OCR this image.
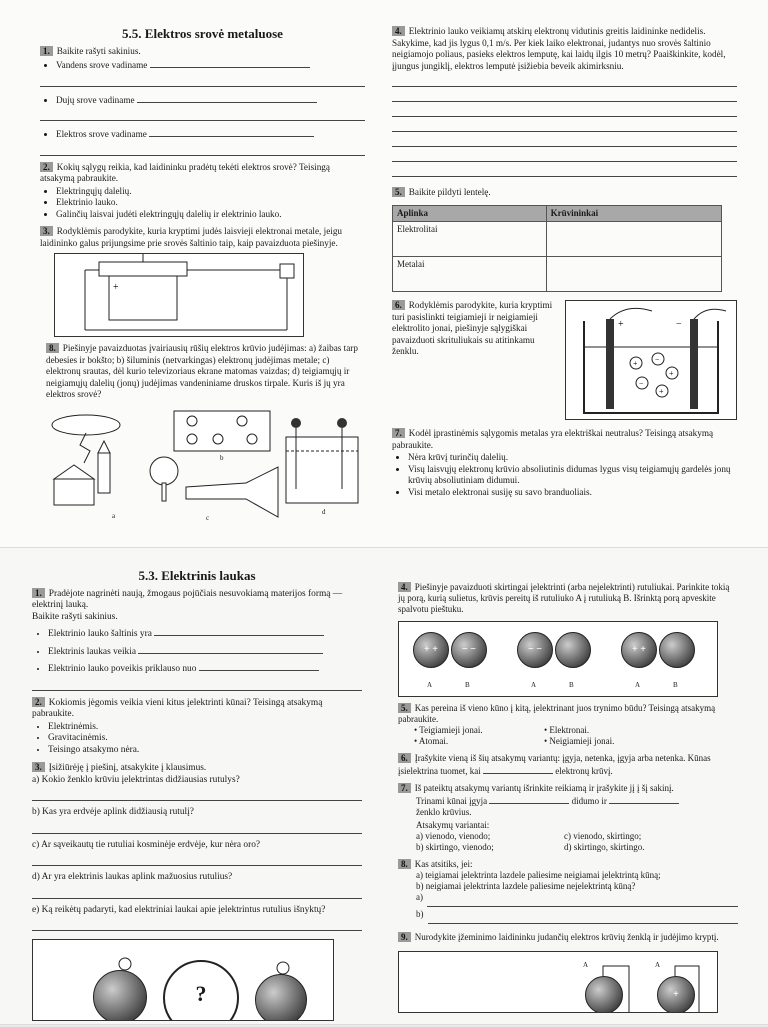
5.5. Elektros srovė metaluose
1. Baikite rašyti sakinius.
• Vandens srove vadiname
• Dujų srove vadiname
• Elektros srove vadiname
2. Kokių sąlygų reikia, kad laidininku pradėtų tekėti elektros srovė? Teisingą atsakymą pabraukite.
• Elektringųjų dalelių.
• Elektrinio lauko.
• Galinčių laisvai judėti elektringųjų dalelių ir elektrinio lauko.
3. Rodyklėmis parodykite, kuria kryptimi judės laisvieji elektronai metale, jeigu laidininko galus prijungsime prie srovės šaltinio taip, kaip pavaizduota piešinyje.
+
8. Piešinyje pavaizduotas įvairiausių rūšių elektros krūvio judėjimas: a) žaibas tarp debesies ir bokšto; b) šiluminis (netvarkingas) elektronų judėjimas metale; c) elektronų srautas, dėl kurio televizoriaus ekrane matomas vaizdas; d) teigiamųjų ir neigiamųjų dalelių (jonų) judėjimas vandeniniame druskos tirpale. Kuris iš jų yra elektros srovė?
a
b
c
d
4. Elektrinio lauko veikiamų atskirų elektronų vidutinis greitis laidininke nedidelis. Sakykime, kad jis lygus 0,1 m/s. Per kiek laiko elektronai, judantys nuo srovės šaltinio neigiamojo poliaus, pasieks elektros lemputę, kai laidų ilgis 10 metrų? Paaiškinkite, kodėl, įjungus jungiklį, elektros lemputė įsižiebia beveik akimirksniu.
5. Baikite pildyti lentelę.
Aplinka	Krūvininkai
Elektrolitai	
Metalai	
6. Rodyklėmis parodykite, kuria kryptimi turi pasislinkti teigiamieji ir neigiamieji elektrolito jonai, piešinyje sąlygiškai pavaizduoti skrituliukais su atitinkamu ženklu.
+	−
+ −
+
−
+
7. Kodėl įprastinėmis sąlygomis metalas yra elektriškai neutralus? Teisingą atsakymą pabraukite.
• Nėra krūvį turinčių dalelių.
• Visų laisvųjų elektronų krūvio absoliutinis didumas lygus visų teigiamųjų gardelės jonų krūvių absoliutiniam didumui.
• Visi metalo elektronai susiję su savo branduoliais.
5.3. Elektrinis laukas
1. Pradėjote nagrinėti naują, žmogaus pojūčiais nesuvokiamą materijos formą — elektrinį lauką.
Baikite rašyti sakinius.
• Elektrinio lauko šaltinis yra
• Elektrinis laukas veikia
• Elektrinio lauko poveikis priklauso nuo
2. Kokiomis jėgomis veikia vieni kitus įelektrinti kūnai? Teisingą atsakymą pabraukite.
• Elektrinėmis.
• Gravitacinėmis.
• Teisingo atsakymo nėra.
3. Įsižiūrėję į piešinį, atsakykite į klausimus.
a) Kokio ženklo krūviu įelektrintas didžiausias rutulys?
b) Kas yra erdvėje aplink didžiausią rutulį?
c) Ar sąveikautų tie rutuliai kosminėje erdvėje, kur nėra oro?
d) Ar yra elektrinis laukas aplink mažuosius rutulius?
e) Ką reikėtų padaryti, kad elektriniai laukai apie įelektrintus rutulius išnyktų?
?
4. Piešinyje pavaizduoti skirtingai įelektrinti (arba neįelektrinti) rutuliukai. Parinkite tokią jų porą, kurią sulietus, krūvis pereitų iš rutuliuko A į rutuliuką B. Išrinktą porą apveskite spalvotu pieštuku.
+ +	− −	− −	+ +
A	B	A	B	A	B
5. Kas pereina iš vieno kūno į kitą, įelektrinant juos trynimo būdu? Teisingą atsakymą pabraukite.
• Teigiamieji jonai.	• Elektronai.
• Atomai.	• Neigiamieji jonai.
6. Įrašykite vieną iš šių atsakymų variantų: įgyja, netenka, įgyja arba netenka. Kūnas įsielektrina tuomet, kai	elektronų krūvį.
7. Iš pateiktų atsakymų variantų išrinkite reikiamą ir įrašykite jį į šį sakinį.
Trinami kūnai įgyja	didumo ir
ženklo krūvius.
Atsakymų variantai:
a) vienodo, vienodo;	c) vienodo, skirtingo;
b) skirtingo, vienodo;	d) skirtingo, skirtingo.
8. Kas atsitiks, jei:
a) teigiamai įelektrinta lazdele paliesime neigiamai įelektrintą kūną;
b) neigiamai įelektrinta lazdele paliesime neįelektrintą kūną?
a)
b)
9. Nurodykite įžeminimo laidininku judančių elektros krūvių ženklą ir judėjimo kryptį.
+
A	A
